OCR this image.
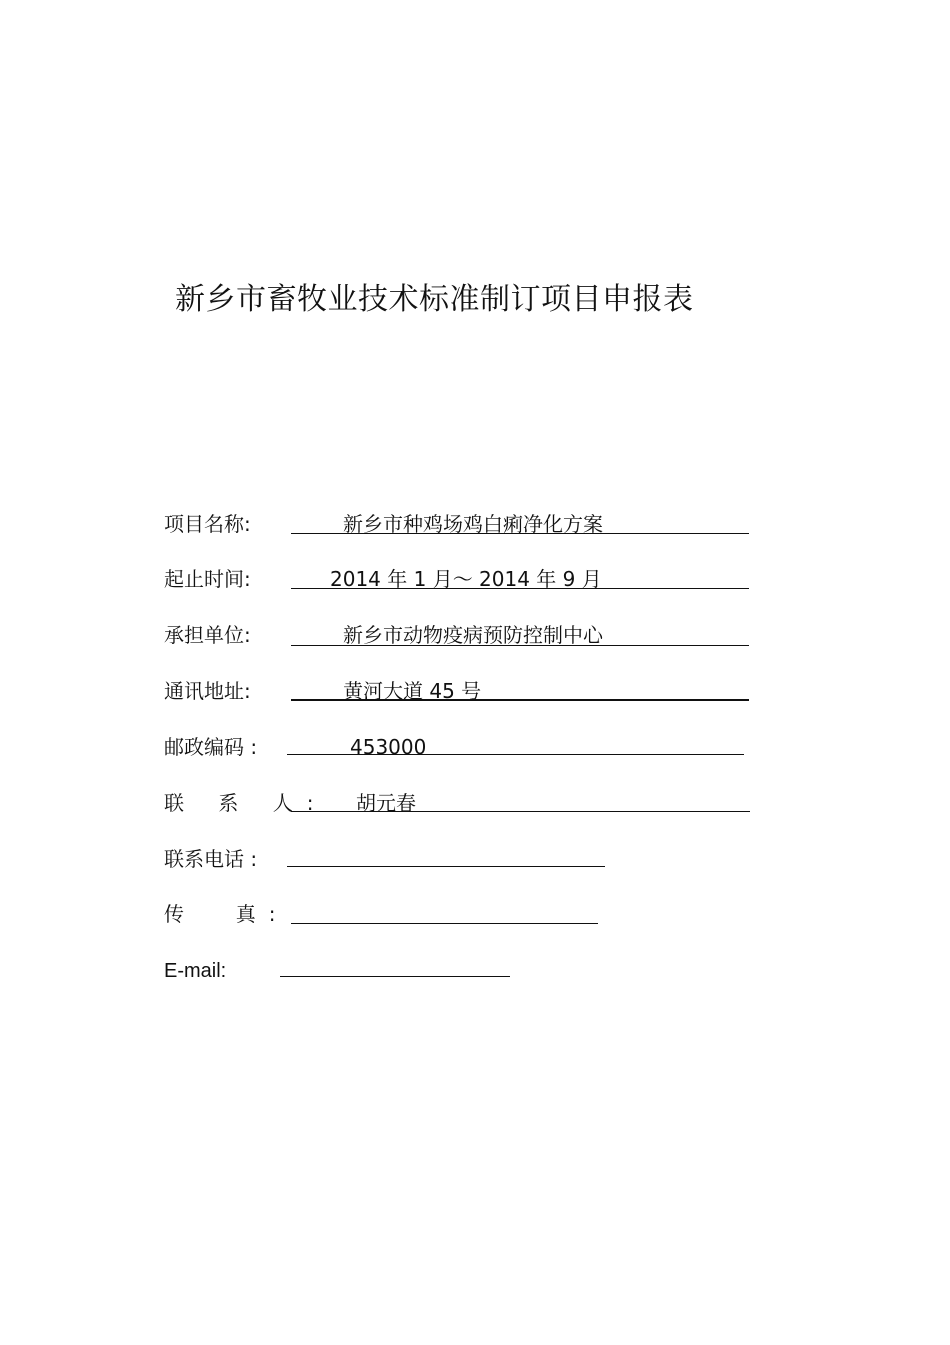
新乡市畜牧业技术标准制订项目申报表
项目名称:	新乡市种鸡场鸡白痢净化方案
起止时间:	2014 年 1 月～ 2014 年 9 月
承担单位:	新乡市动物疫病预防控制中心
通讯地址:	黄河大道 45 号
邮政编码 :	453000
联 系 人: 胡元春
联系电话 :
传  真:
E-mail:
